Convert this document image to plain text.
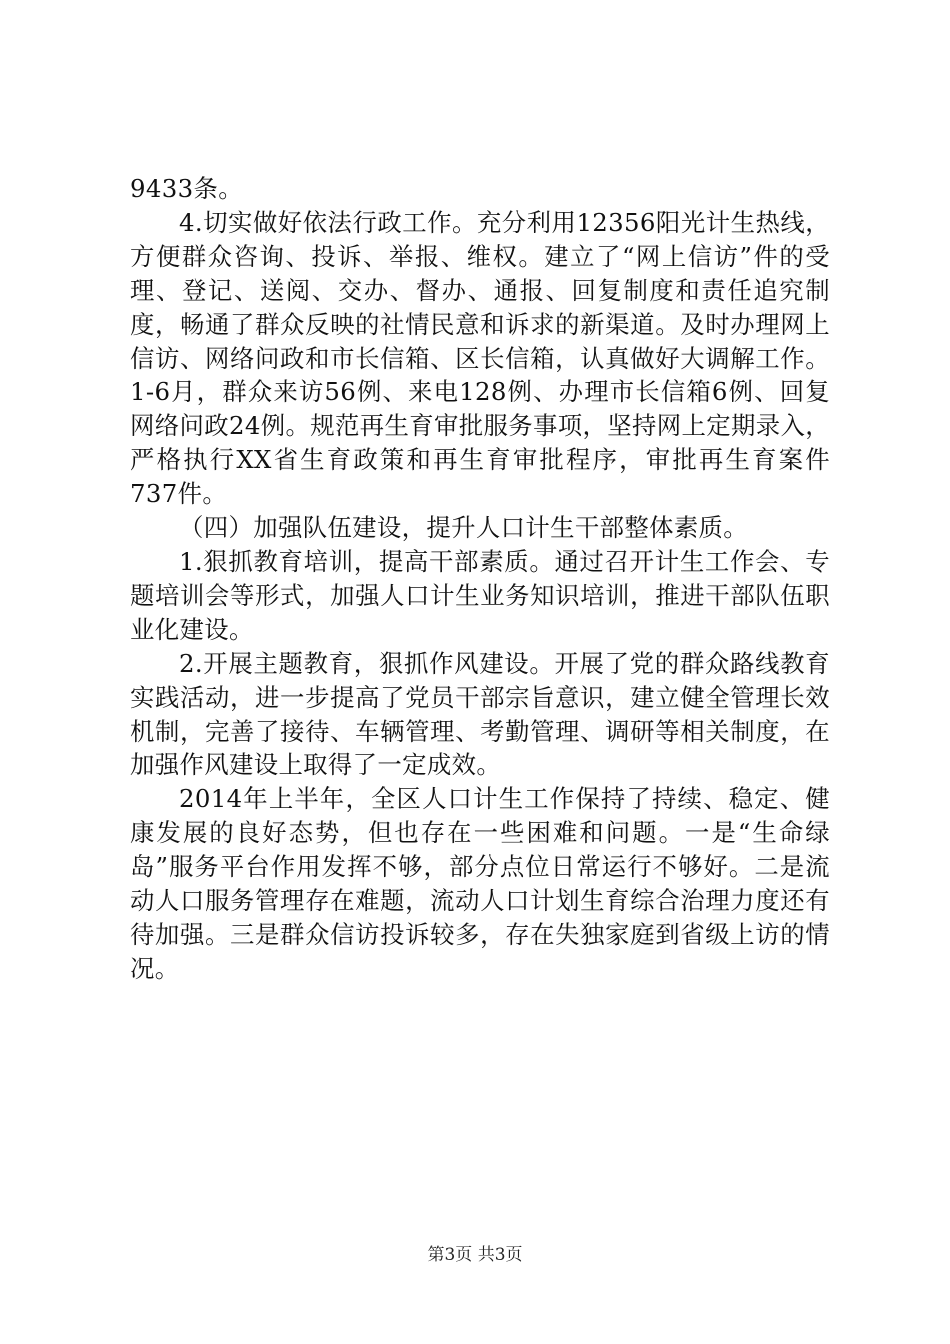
9433条。

4.切实做好依法行政工作。充分利用12356阳光计生热线，方便群众咨询、投诉、举报、维权。建立了“网上信访”件的受理、登记、送阅、交办、督办、通报、回复制度和责任追究制度，畅通了群众反映的社情民意和诉求的新渠道。及时办理网上信访、网络问政和市长信箱、区长信箱，认真做好大调解工作。1-6月，群众来访56例、来电128例、办理市长信箱6例、回复网络问政24例。规范再生育审批服务事项，坚持网上定期录入，严格执行XX省生育政策和再生育审批程序，审批再生育案件737件。

（四）加强队伍建设，提升人口计生干部整体素质。

1.狠抓教育培训，提高干部素质。通过召开计生工作会、专题培训会等形式，加强人口计生业务知识培训，推进干部队伍职业化建设。

2.开展主题教育，狠抓作风建设。开展了党的群众路线教育实践活动，进一步提高了党员干部宗旨意识，建立健全管理长效机制，完善了接待、车辆管理、考勤管理、调研等相关制度，在加强作风建设上取得了一定成效。

2014年上半年，全区人口计生工作保持了持续、稳定、健康发展的良好态势，但也存在一些困难和问题。一是“生命绿岛”服务平台作用发挥不够，部分点位日常运行不够好。二是流动人口服务管理存在难题，流动人口计划生育综合治理力度还有待加强。三是群众信访投诉较多，存在失独家庭到省级上访的情况。

第3页 共3页
